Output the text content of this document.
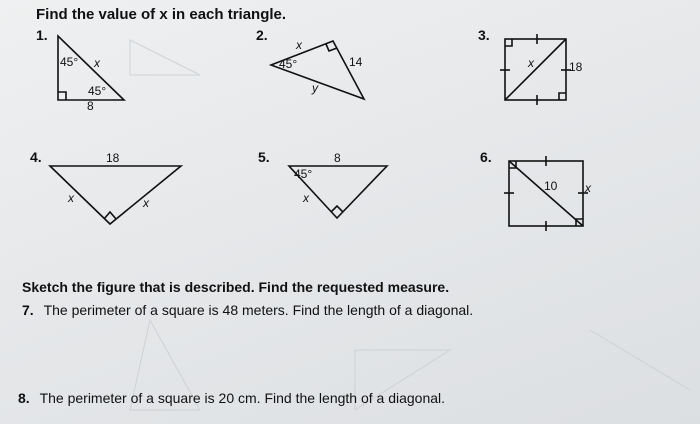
Find the value of x in each triangle.
1.	2.	3.
4.	5.	6.
45° x
45°
8
x
45°	14
y
x	18
18
x	x
8
45°
x
10 x
Sketch the figure that is described. Find the requested measure.
7. The perimeter of a square is 48 meters. Find the length of a diagonal.
8. The perimeter of a square is 20 cm. Find the length of a diagonal.
